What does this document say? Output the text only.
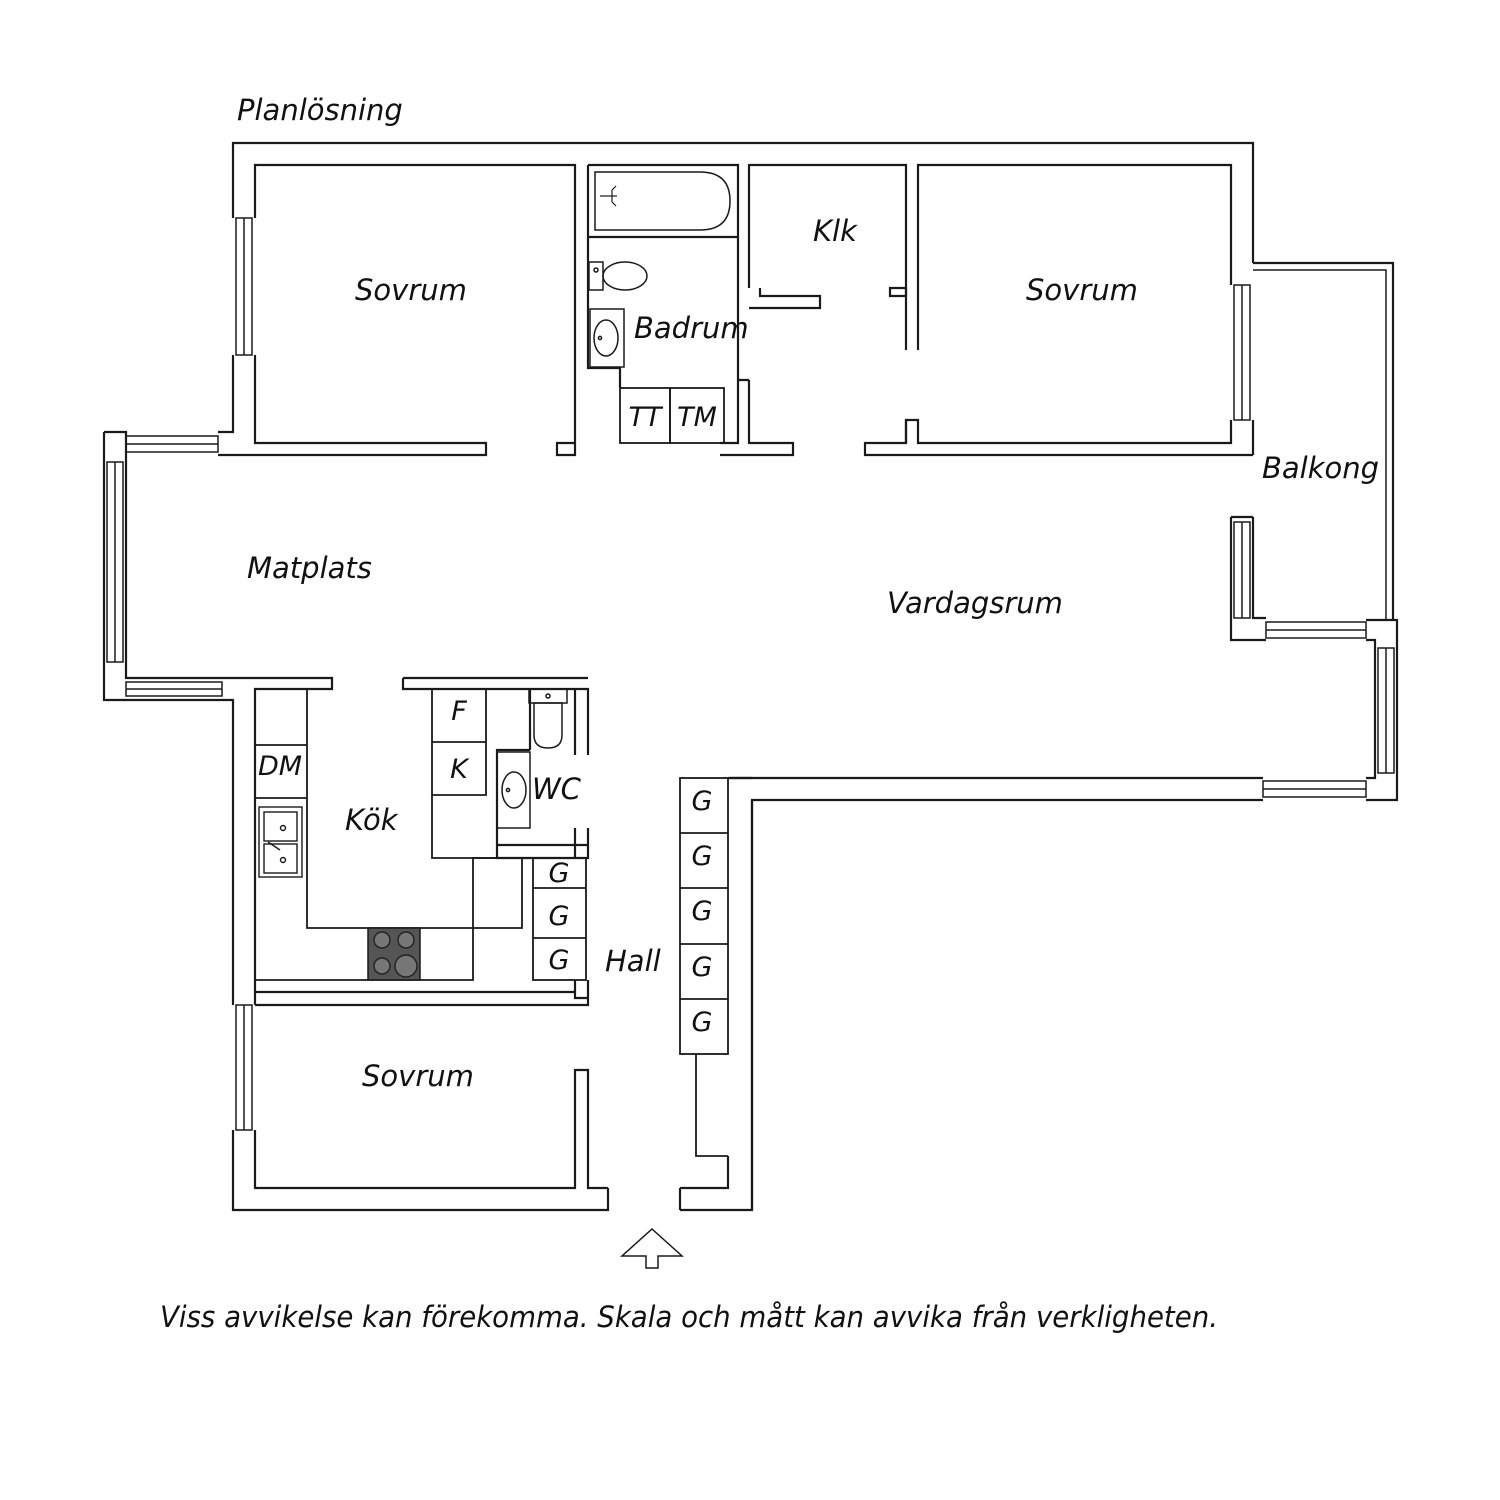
Planlösning
Sovrum
Badrum
Klk
Sovrum
Balkong
Matplats
Vardagsrum
Kök
WC
Hall
Sovrum
TT TM
F
K
DM
G
G
G
G
G
G
G
G
Viss avvikelse kan förekomma. Skala och mått kan avvika från verkligheten.
